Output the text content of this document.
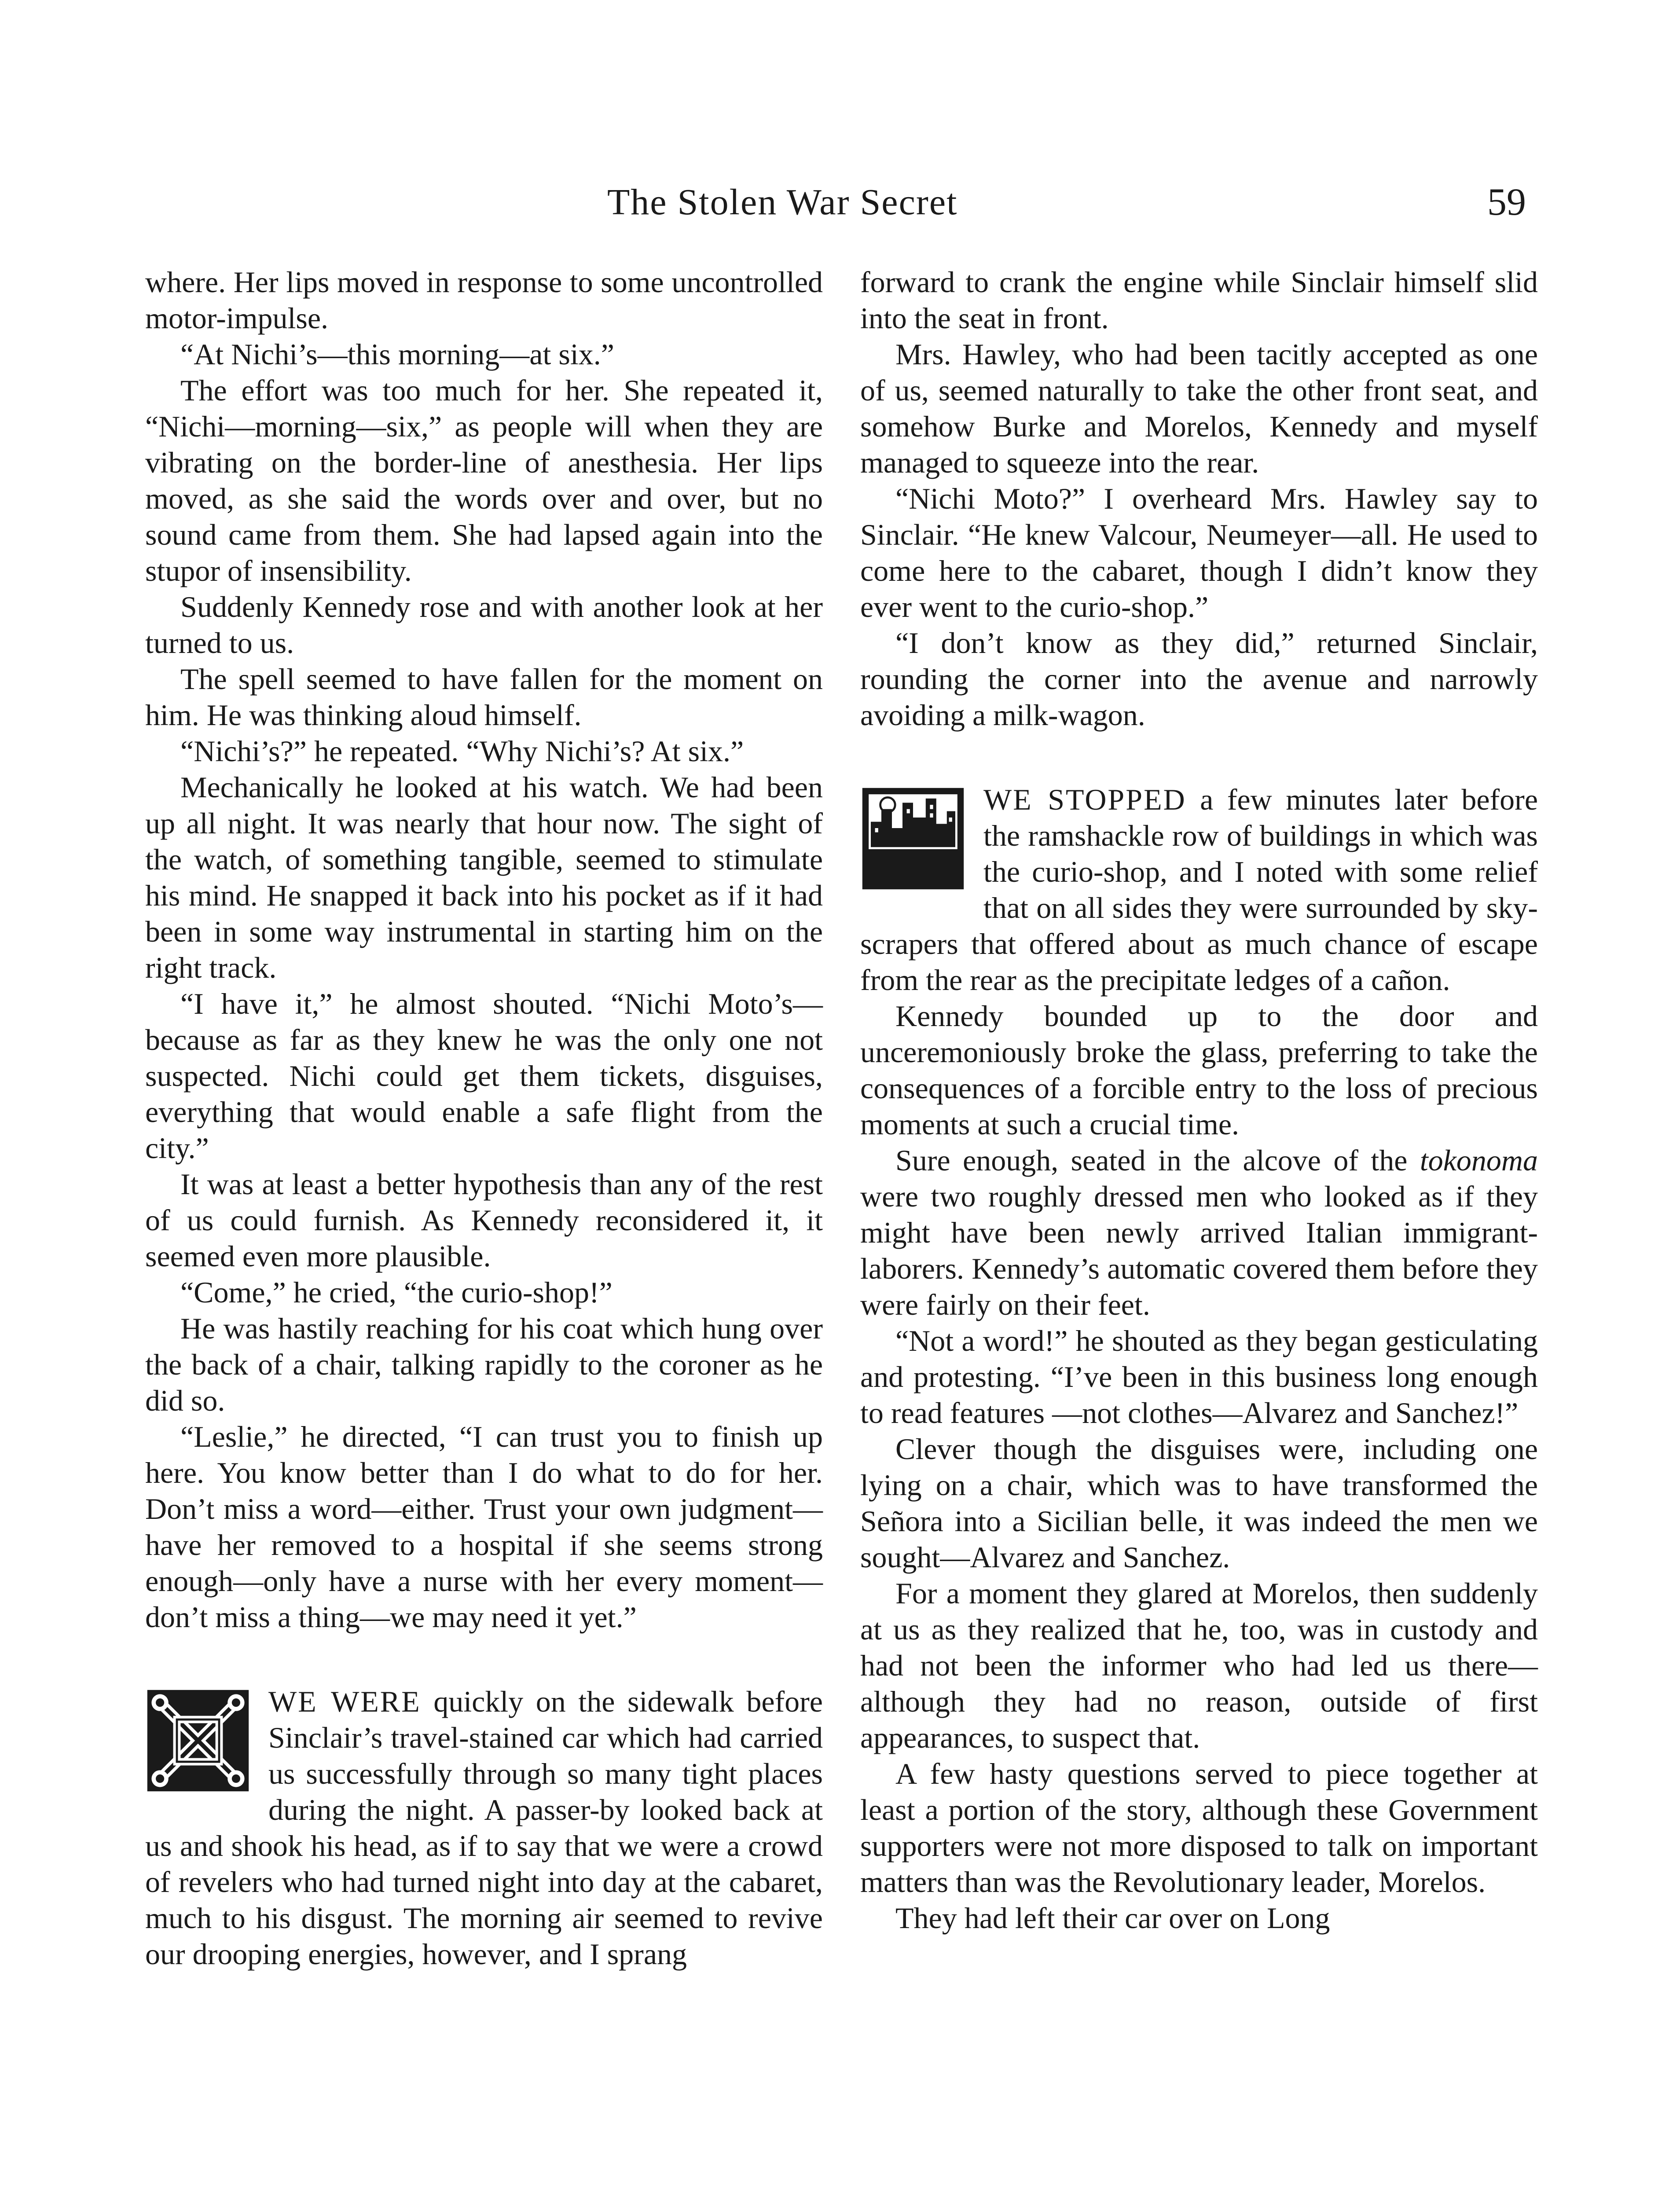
The Stolen War Secret	59

where. Her lips moved in response to some uncontrolled motor-impulse.

“At Nichi’s—this morning—at six.”

The effort was too much for her. She repeated it, “Nichi—morning—six,” as people will when they are vibrating on the border-line of anesthesia. Her lips moved, as she said the words over and over, but no sound came from them. She had lapsed again into the stupor of insensibility.

Suddenly Kennedy rose and with another look at her turned to us.

The spell seemed to have fallen for the moment on him. He was thinking aloud himself.

“Nichi’s?” he repeated. “Why Nichi’s? At six.”

Mechanically he looked at his watch. We had been up all night. It was nearly that hour now. The sight of the watch, of something tangible, seemed to stimulate his mind. He snapped it back into his pocket as if it had been in some way instrumental in starting him on the right track.

“I have it,” he almost shouted. “Nichi Moto’s—because as far as they knew he was the only one not suspected. Nichi could get them tickets, disguises, everything that would enable a safe flight from the city.”

It was at least a better hypothesis than any of the rest of us could furnish. As Kennedy reconsidered it, it seemed even more plausible.

“Come,” he cried, “the curio-shop!”

He was hastily reaching for his coat which hung over the back of a chair, talking rapidly to the coroner as he did so.

“Leslie,” he directed, “I can trust you to finish up here. You know better than I do what to do for her. Don’t miss a word—either. Trust your own judgment—have her removed to a hospital if she seems strong enough—only have a nurse with her every moment—don’t miss a thing—we may need it yet.”

WE WERE quickly on the sidewalk before Sinclair’s travel-stained car which had carried us successfully through so many tight places during the night. A passer-by looked back at us and shook his head, as if to say that we were a crowd of revelers who had turned night into day at the cabaret, much to his disgust. The morning air seemed to revive our drooping energies, however, and I sprang

forward to crank the engine while Sinclair himself slid into the seat in front.

Mrs. Hawley, who had been tacitly accepted as one of us, seemed naturally to take the other front seat, and somehow Burke and Morelos, Kennedy and myself managed to squeeze into the rear.

“Nichi Moto?” I overheard Mrs. Hawley say to Sinclair. “He knew Valcour, Neumeyer—all. He used to come here to the cabaret, though I didn’t know they ever went to the curio-shop.”

“I don’t know as they did,” returned Sinclair, rounding the corner into the avenue and narrowly avoiding a milk-wagon.

WE STOPPED a few minutes later before the ramshackle row of buildings in which was the curio-shop, and I noted with some relief that on all sides they were surrounded by sky-scrapers that offered about as much chance of escape from the rear as the precipitate ledges of a cañon.

Kennedy bounded up to the door and unceremoniously broke the glass, preferring to take the consequences of a forcible entry to the loss of precious moments at such a crucial time.

Sure enough, seated in the alcove of the tokonoma were two roughly dressed men who looked as if they might have been newly arrived Italian immigrant-laborers. Kennedy’s automatic covered them before they were fairly on their feet.

“Not a word!” he shouted as they began gesticulating and protesting. “I’ve been in this business long enough to read features —not clothes—Alvarez and Sanchez!”

Clever though the disguises were, including one lying on a chair, which was to have transformed the Señora into a Sicilian belle, it was indeed the men we sought—Alvarez and Sanchez.

For a moment they glared at Morelos, then suddenly at us as they realized that he, too, was in custody and had not been the informer who had led us there—although they had no reason, outside of first appearances, to suspect that.

A few hasty questions served to piece together at least a portion of the story, although these Government supporters were not more disposed to talk on important matters than was the Revolutionary leader, Morelos.

They had left their car over on Long
